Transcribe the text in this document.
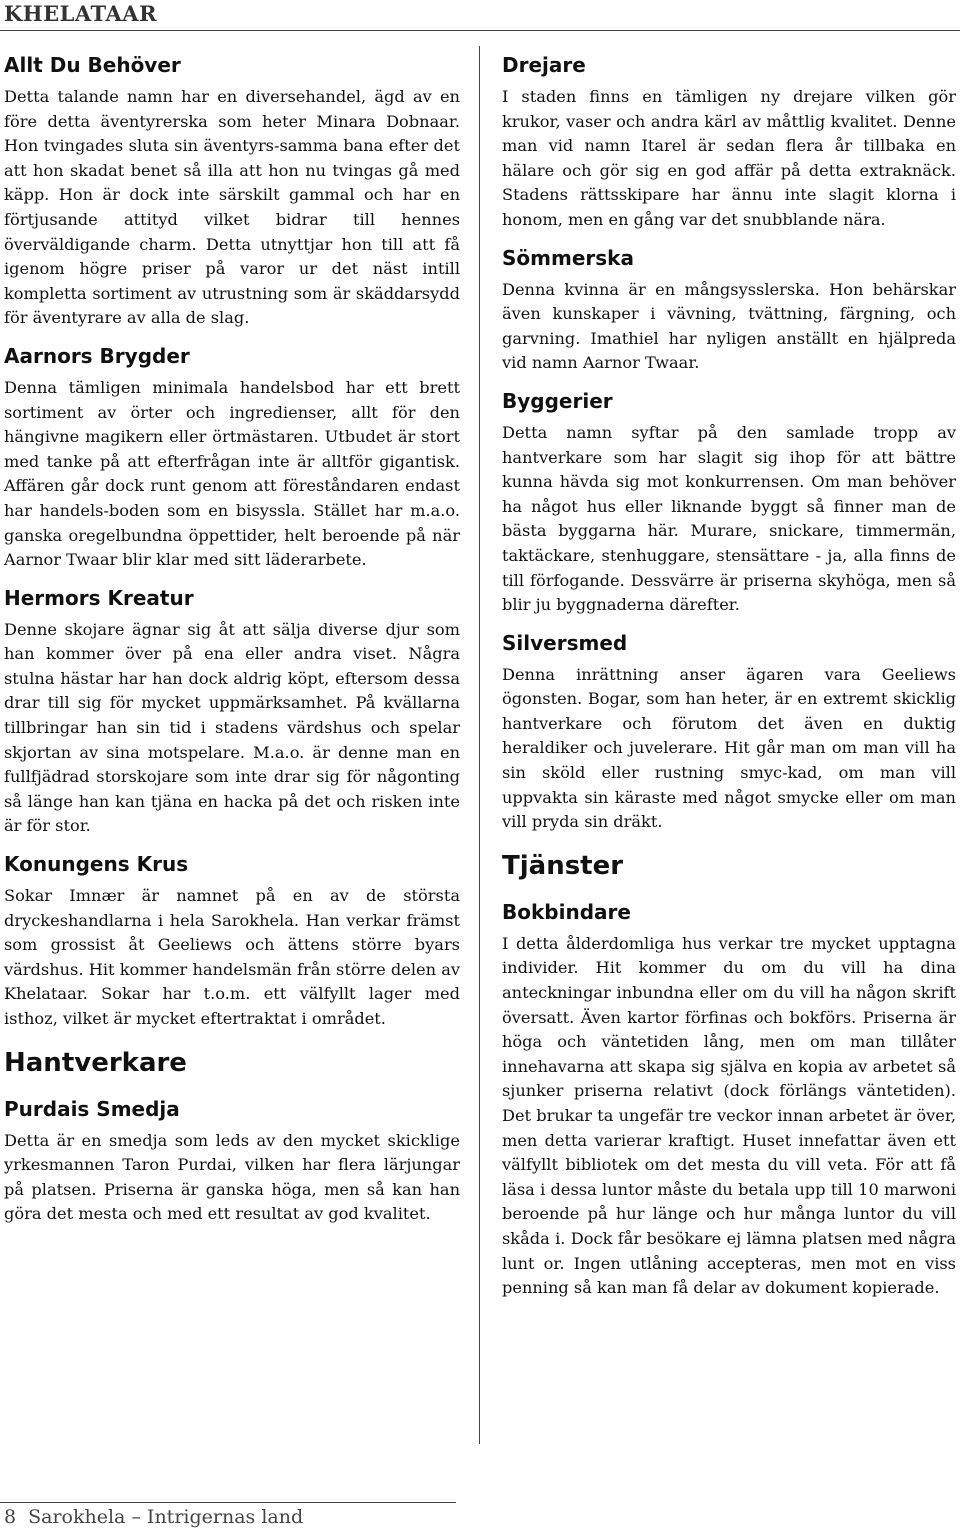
KHELATAAR
Allt Du Behöver

Detta talande namn har en diversehandel, ägd av en före detta äventyrerska som heter Minara Dobnaar. Hon tvingades sluta sin äventyrs-samma bana efter det att hon skadat benet så illa att hon nu tvingas gå med käpp. Hon är dock inte särskilt gammal och har en förtjusande attityd vilket bidrar till hennes överväldigande charm. Detta utnyttjar hon till att få igenom högre priser på varor ur det näst intill kompletta sortiment av utrustning som är skäddarsydd för äventyrare av alla de slag.

Aarnors Brygder

Denna tämligen minimala handelsbod har ett brett sortiment av örter och ingredienser, allt för den hängivne magikern eller örtmästaren. Utbudet är stort med tanke på att efterfrågan inte är alltför gigantisk. Affären går dock runt genom att föreståndaren endast har handels-boden som en bisyssla. Stället har m.a.o. ganska oregelbundna öppettider, helt beroende på när Aarnor Twaar blir klar med sitt läderarbete.

Hermors Kreatur

Denne skojare ägnar sig åt att sälja diverse djur som han kommer över på ena eller andra viset. Några stulna hästar har han dock aldrig köpt, eftersom dessa drar till sig för mycket uppmärksamhet. På kvällarna tillbringar han sin tid i stadens värdshus och spelar skjortan av sina motspelare. M.a.o. är denne man en fullfjädrad storskojare som inte drar sig för någonting så länge han kan tjäna en hacka på det och risken inte är för stor.

Konungens Krus

Sokar Imnær är namnet på en av de största dryckeshandlarna i hela Sarokhela. Han verkar främst som grossist åt Geeliews och ättens större byars värdshus. Hit kommer handelsmän från större delen av Khelataar. Sokar har t.o.m. ett välfyllt lager med isthoz, vilket är mycket eftertraktat i området.

Hantverkare
Purdais Smedja

Detta är en smedja som leds av den mycket skicklige yrkesmannen Taron Purdai, vilken har flera lärjungar på platsen. Priserna är ganska höga, men så kan han göra det mesta och med ett resultat av god kvalitet.

Drejare

I staden finns en tämligen ny drejare vilken gör krukor, vaser och andra kärl av måttlig kvalitet. Denne man vid namn Itarel är sedan flera år tillbaka en hälare och gör sig en god affär på detta extraknäck. Stadens rättsskipare har ännu inte slagit klorna i honom, men en gång var det snubblande nära.

Sömmerska

Denna kvinna är en mångsysslerska. Hon behärskar även kunskaper i vävning, tvättning, färgning, och garvning. Imathiel har nyligen anställt en hjälpreda vid namn Aarnor Twaar.

Byggerier

Detta namn syftar på den samlade tropp av hantverkare som har slagit sig ihop för att bättre kunna hävda sig mot konkurrensen. Om man behöver ha något hus eller liknande byggt så finner man de bästa byggarna här. Murare, snickare, timmermän, taktäckare, stenhuggare, stensättare - ja, alla finns de till förfogande. Dessvärre är priserna skyhöga, men så blir ju byggnaderna därefter.

Silversmed

Denna inrättning anser ägaren vara Geeliews ögonsten. Bogar, som han heter, är en extremt skicklig hantverkare och förutom det även en duktig heraldiker och juvelerare. Hit går man om man vill ha sin sköld eller rustning smyc-kad, om man vill uppvakta sin käraste med något smycke eller om man vill pryda sin dräkt.

Tjänster
Bokbindare

I detta ålderdomliga hus verkar tre mycket upptagna individer. Hit kommer du om du vill ha dina anteckningar inbundna eller om du vill ha någon skrift översatt. Även kartor förfinas och bokförs. Priserna är höga och väntetiden lång, men om man tillåter innehavarna att skapa sig själva en kopia av arbetet så sjunker priserna relativt (dock förlängs väntetiden). Det brukar ta ungefär tre veckor innan arbetet är över, men detta varierar kraftigt. Huset innefattar även ett välfyllt bibliotek om det mesta du vill veta. För att få läsa i dessa luntor måste du betala upp till 10 marwoni beroende på hur länge och hur många luntor du vill skåda i. Dock får besökare ej lämna platsen med några lunt or. Ingen utlåning accepteras, men mot en viss penning så kan man få delar av dokument kopierade.

8 Sarokhela – Intrigernas land
